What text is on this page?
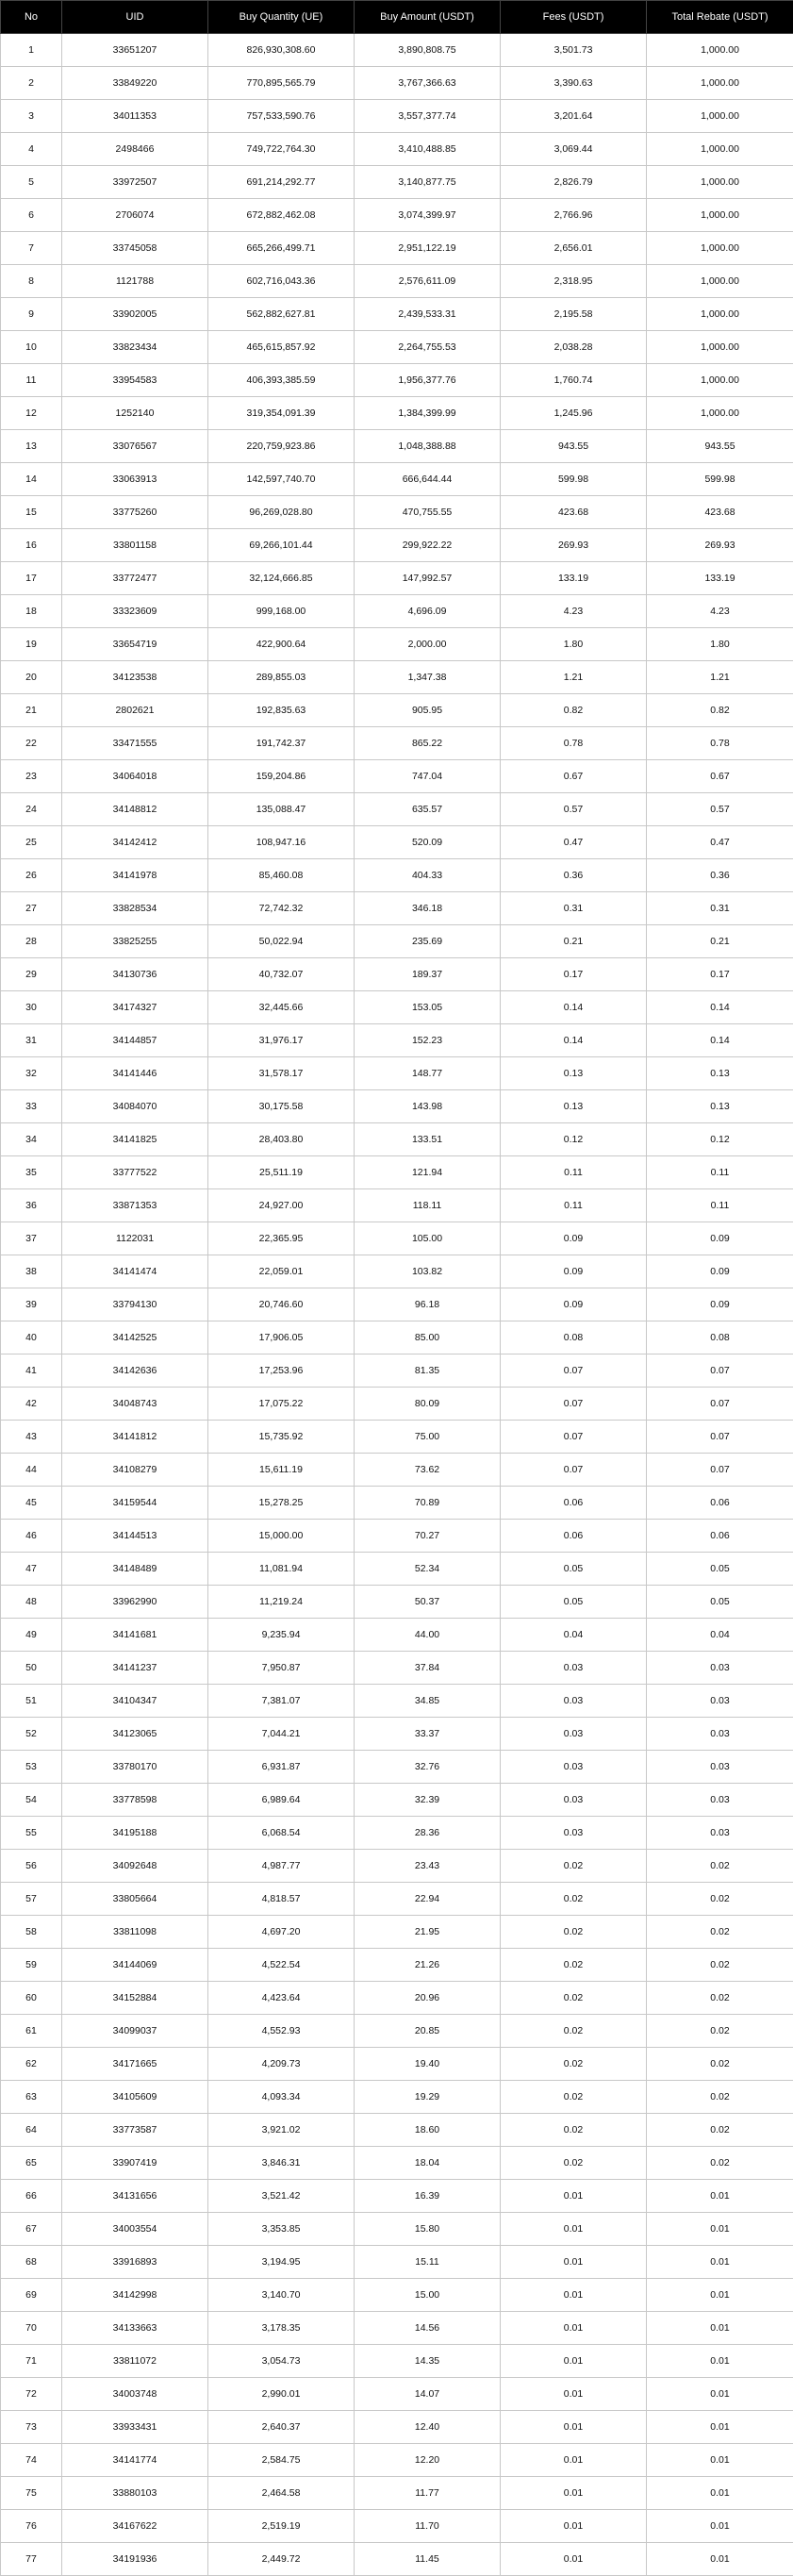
No	UID	Buy Quantity (UE)	Buy Amount (USDT)	Fees (USDT)	Total Rebate (USDT)
1	33651207	826,930,308.60	3,890,808.75	3,501.73	1,000.00
2	33849220	770,895,565.79	3,767,366.63	3,390.63	1,000.00
3	34011353	757,533,590.76	3,557,377.74	3,201.64	1,000.00
4	2498466	749,722,764.30	3,410,488.85	3,069.44	1,000.00
5	33972507	691,214,292.77	3,140,877.75	2,826.79	1,000.00
6	2706074	672,882,462.08	3,074,399.97	2,766.96	1,000.00
7	33745058	665,266,499.71	2,951,122.19	2,656.01	1,000.00
8	1121788	602,716,043.36	2,576,611.09	2,318.95	1,000.00
9	33902005	562,882,627.81	2,439,533.31	2,195.58	1,000.00
10	33823434	465,615,857.92	2,264,755.53	2,038.28	1,000.00
11	33954583	406,393,385.59	1,956,377.76	1,760.74	1,000.00
12	1252140	319,354,091.39	1,384,399.99	1,245.96	1,000.00
13	33076567	220,759,923.86	1,048,388.88	943.55	943.55
14	33063913	142,597,740.70	666,644.44	599.98	599.98
15	33775260	96,269,028.80	470,755.55	423.68	423.68
16	33801158	69,266,101.44	299,922.22	269.93	269.93
17	33772477	32,124,666.85	147,992.57	133.19	133.19
18	33323609	999,168.00	4,696.09	4.23	4.23
19	33654719	422,900.64	2,000.00	1.80	1.80
20	34123538	289,855.03	1,347.38	1.21	1.21
21	2802621	192,835.63	905.95	0.82	0.82
22	33471555	191,742.37	865.22	0.78	0.78
23	34064018	159,204.86	747.04	0.67	0.67
24	34148812	135,088.47	635.57	0.57	0.57
25	34142412	108,947.16	520.09	0.47	0.47
26	34141978	85,460.08	404.33	0.36	0.36
27	33828534	72,742.32	346.18	0.31	0.31
28	33825255	50,022.94	235.69	0.21	0.21
29	34130736	40,732.07	189.37	0.17	0.17
30	34174327	32,445.66	153.05	0.14	0.14
31	34144857	31,976.17	152.23	0.14	0.14
32	34141446	31,578.17	148.77	0.13	0.13
33	34084070	30,175.58	143.98	0.13	0.13
34	34141825	28,403.80	133.51	0.12	0.12
35	33777522	25,511.19	121.94	0.11	0.11
36	33871353	24,927.00	118.11	0.11	0.11
37	1122031	22,365.95	105.00	0.09	0.09
38	34141474	22,059.01	103.82	0.09	0.09
39	33794130	20,746.60	96.18	0.09	0.09
40	34142525	17,906.05	85.00	0.08	0.08
41	34142636	17,253.96	81.35	0.07	0.07
42	34048743	17,075.22	80.09	0.07	0.07
43	34141812	15,735.92	75.00	0.07	0.07
44	34108279	15,611.19	73.62	0.07	0.07
45	34159544	15,278.25	70.89	0.06	0.06
46	34144513	15,000.00	70.27	0.06	0.06
47	34148489	11,081.94	52.34	0.05	0.05
48	33962990	11,219.24	50.37	0.05	0.05
49	34141681	9,235.94	44.00	0.04	0.04
50	34141237	7,950.87	37.84	0.03	0.03
51	34104347	7,381.07	34.85	0.03	0.03
52	34123065	7,044.21	33.37	0.03	0.03
53	33780170	6,931.87	32.76	0.03	0.03
54	33778598	6,989.64	32.39	0.03	0.03
55	34195188	6,068.54	28.36	0.03	0.03
56	34092648	4,987.77	23.43	0.02	0.02
57	33805664	4,818.57	22.94	0.02	0.02
58	33811098	4,697.20	21.95	0.02	0.02
59	34144069	4,522.54	21.26	0.02	0.02
60	34152884	4,423.64	20.96	0.02	0.02
61	34099037	4,552.93	20.85	0.02	0.02
62	34171665	4,209.73	19.40	0.02	0.02
63	34105609	4,093.34	19.29	0.02	0.02
64	33773587	3,921.02	18.60	0.02	0.02
65	33907419	3,846.31	18.04	0.02	0.02
66	34131656	3,521.42	16.39	0.01	0.01
67	34003554	3,353.85	15.80	0.01	0.01
68	33916893	3,194.95	15.11	0.01	0.01
69	34142998	3,140.70	15.00	0.01	0.01
70	34133663	3,178.35	14.56	0.01	0.01
71	33811072	3,054.73	14.35	0.01	0.01
72	34003748	2,990.01	14.07	0.01	0.01
73	33933431	2,640.37	12.40	0.01	0.01
74	34141774	2,584.75	12.20	0.01	0.01
75	33880103	2,464.58	11.77	0.01	0.01
76	34167622	2,519.19	11.70	0.01	0.01
77	34191936	2,449.72	11.45	0.01	0.01
